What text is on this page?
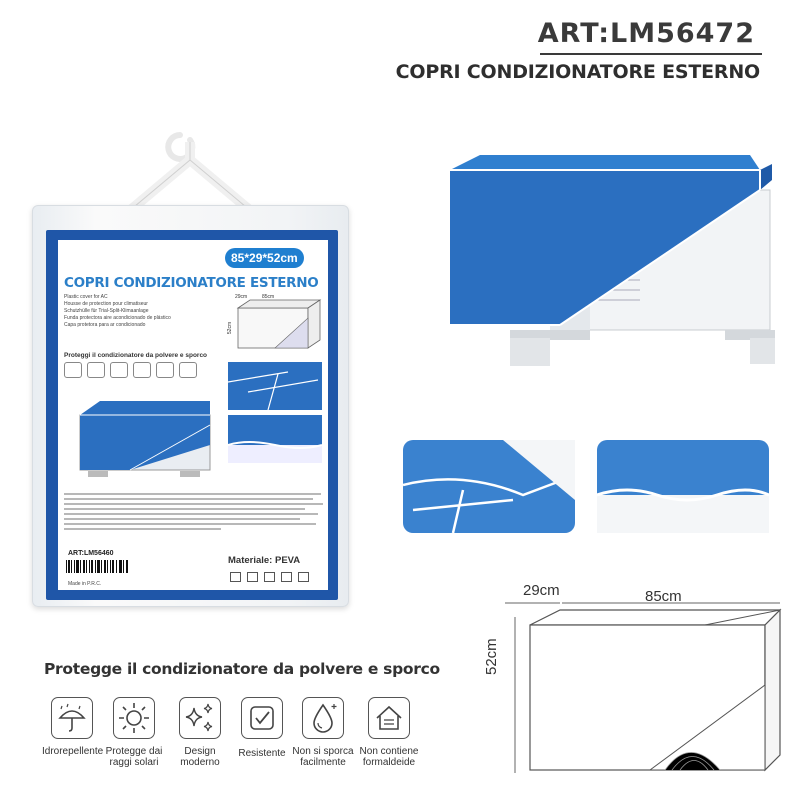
ART:LM56472
COPRI CONDIZIONATORE ESTERNO
85*29*52cm
COPRI CONDIZIONATORE ESTERNO
Plastic cover for AC
Housse de protection pour climatiseur
Schutzhülle für Trial-Split-Klimaanlage
Funda protectora aire acondicionado de plástico
Capa protetora para ar condicionado
29cm	85cm
52cm
Proteggi il condizionatore da polvere e sporco
ART:LM56460
Made in P.R.C.
Materiale: PEVA
29cm	85cm
52cm
Protegge il condizionatore da polvere e sporco
Idrorepellente Protegge dai raggi solari
Design moderno
Resistente Non si sporca facilmente
Non contiene formaldeide
